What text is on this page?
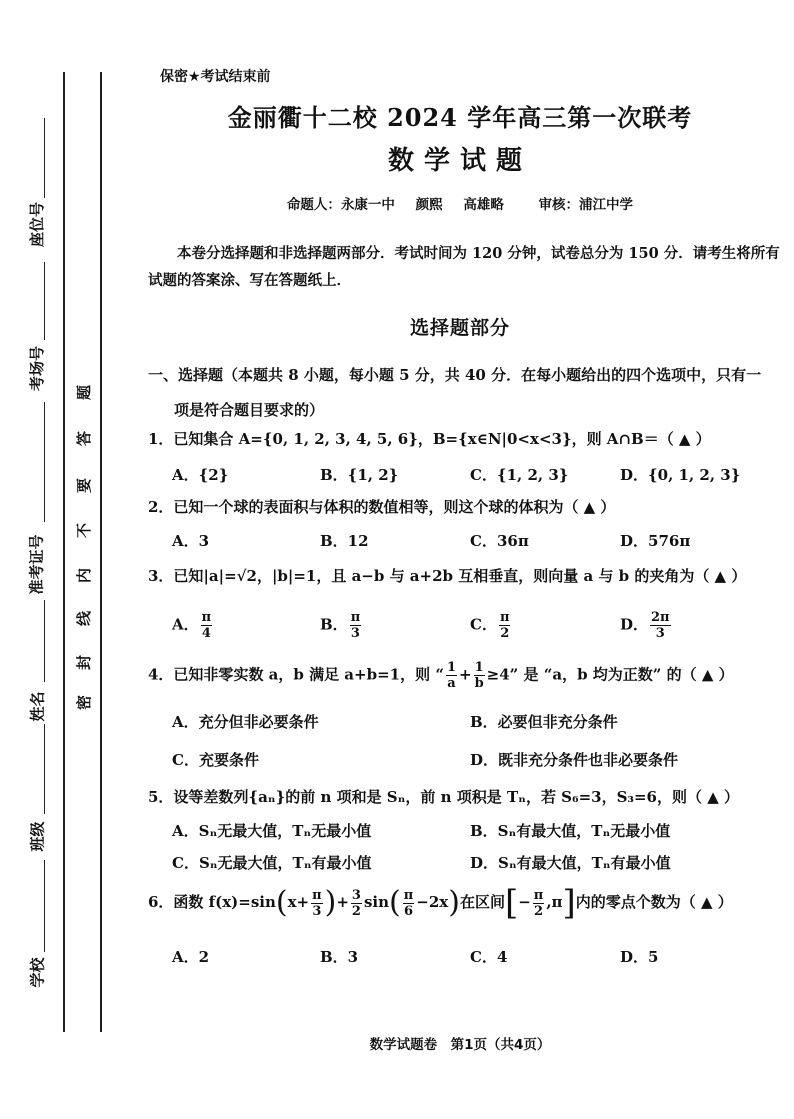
座位号
考场号
准考证号
姓名
班级
学校
密
封
线
内
不
要
答
题
保密★考试结束前
金丽衢十二校 2024 学年高三第一次联考
数学试题
命题人：永康一中 颜熙 高雄略	审核：浦江中学
本卷分选择题和非选择题两部分．考试时间为 120 分钟，试卷总分为 150 分．请考生将所有试题的答案涂、写在答题纸上．
选择题部分
一、选择题（本题共 8 小题，每小题 5 分，共 40 分．在每小题给出的四个选项中，只有一
项是符合题目要求的）
1．已知集合 A={0, 1, 2, 3, 4, 5, 6}，B={x∈N|0<x<3}，则 A∩B＝（ ▲ ）
A．{2}	B．{1, 2}	C．{1, 2, 3}	D．{0, 1, 2, 3}
2．已知一个球的表面积与体积的数值相等，则这个球的体积为（ ▲ ）
A．3	B．12	C．36π	D．576π
3．已知|a|=√2，|b|=1，且 a−b 与 a+2b 互相垂直，则向量 a 与 b 的夹角为（ ▲ ）
A． $\frac{\pi}{4}$	B． $\frac{\pi}{3}$	C． $\frac{\pi}{2}$	D． $\frac{2\pi}{3}$
4．已知非零实数 a，b 满足 a+b=1，则 “ $\frac{1}{a} + \frac{1}{b} \ge 4$” 是 “a，b 均为正数” 的（ ▲ ）
A．充分但非必要条件	B．必要但非充分条件
C．充要条件	D．既非充分条件也非必要条件
5．设等差数列{aₙ}的前 n 项和是 Sₙ，前 n 项积是 Tₙ，若 S₆=3，S₃=6，则（ ▲ ）
A．Sₙ无最大值，Tₙ无最小值	B．Sₙ有最大值，Tₙ无最小值
C．Sₙ无最大值，Tₙ有最小值	D．Sₙ有最大值，Tₙ有最小值
6．函数 $f(x)=\sin(x+ \frac{\pi}{3}$ )+ $\frac{3}{2} \sin( \frac{\pi}{6} -2x)$在区间[− $\frac{\pi}{2} ,\pi$]内的零点个数为（ ▲ ）
A．2	B．3	C．4	D．5
数学试题卷　第1页（共4页）
